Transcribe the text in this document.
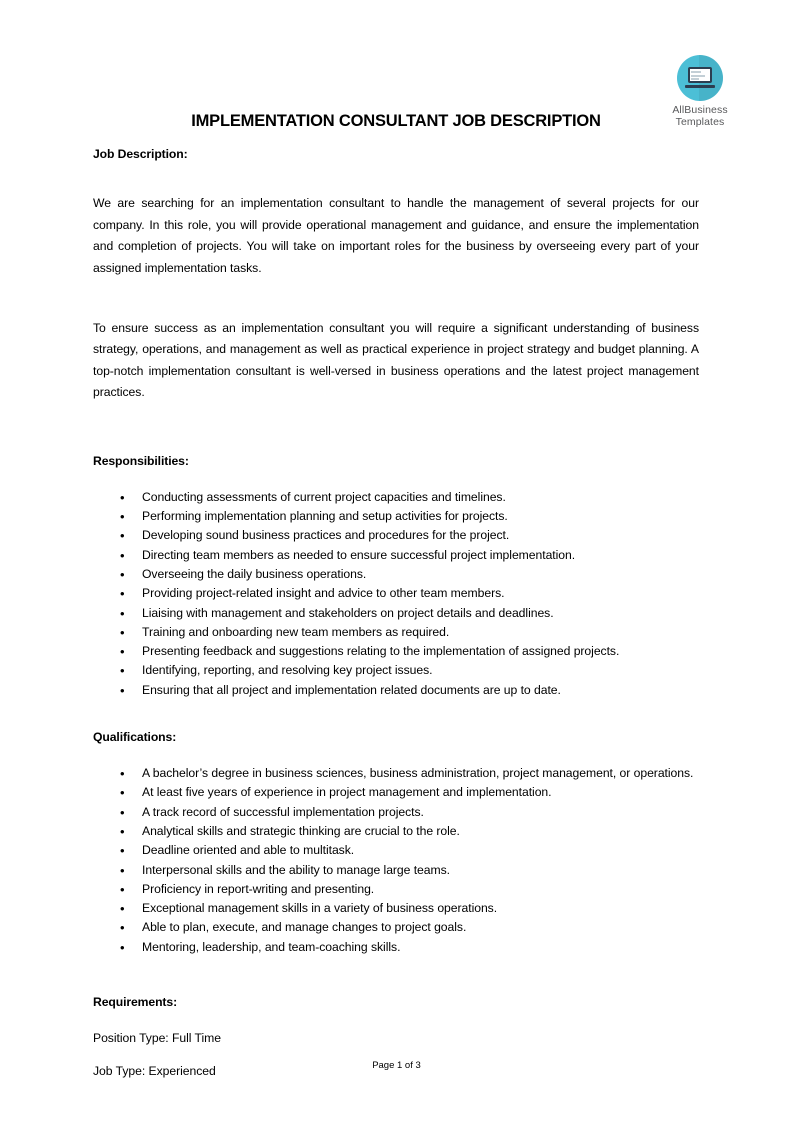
AllBusiness
Templates
IMPLEMENTATION CONSULTANT JOB DESCRIPTION
Job Description:

We are searching for an implementation consultant to handle the management of several projects for our company. In this role, you will provide operational management and guidance, and ensure the implementation and completion of projects. You will take on important roles for the business by overseeing every part of your assigned implementation tasks.

To ensure success as an implementation consultant you will require a significant understanding of business strategy, operations, and management as well as practical experience in project strategy and budget planning. A top-notch implementation consultant is well-versed in business operations and the latest project management practices.

Responsibilities:
• Conducting assessments of current project capacities and timelines.
• Performing implementation planning and setup activities for projects.
• Developing sound business practices and procedures for the project.
• Directing team members as needed to ensure successful project implementation.
• Overseeing the daily business operations.
• Providing project-related insight and advice to other team members.
• Liaising with management and stakeholders on project details and deadlines.
• Training and onboarding new team members as required.
• Presenting feedback and suggestions relating to the implementation of assigned projects.
• Identifying, reporting, and resolving key project issues.
• Ensuring that all project and implementation related documents are up to date.
Qualifications:
• A bachelor’s degree in business sciences, business administration, project management, or operations.
• At least five years of experience in project management and implementation.
• A track record of successful implementation projects.
• Analytical skills and strategic thinking are crucial to the role.
• Deadline oriented and able to multitask.
• Interpersonal skills and the ability to manage large teams.
• Proficiency in report-writing and presenting.
• Exceptional management skills in a variety of business operations.
• Able to plan, execute, and manage changes to project goals.
• Mentoring, leadership, and team-coaching skills.
Requirements:
Position Type: Full Time
Job Type: Experienced	Page 1 of 3
